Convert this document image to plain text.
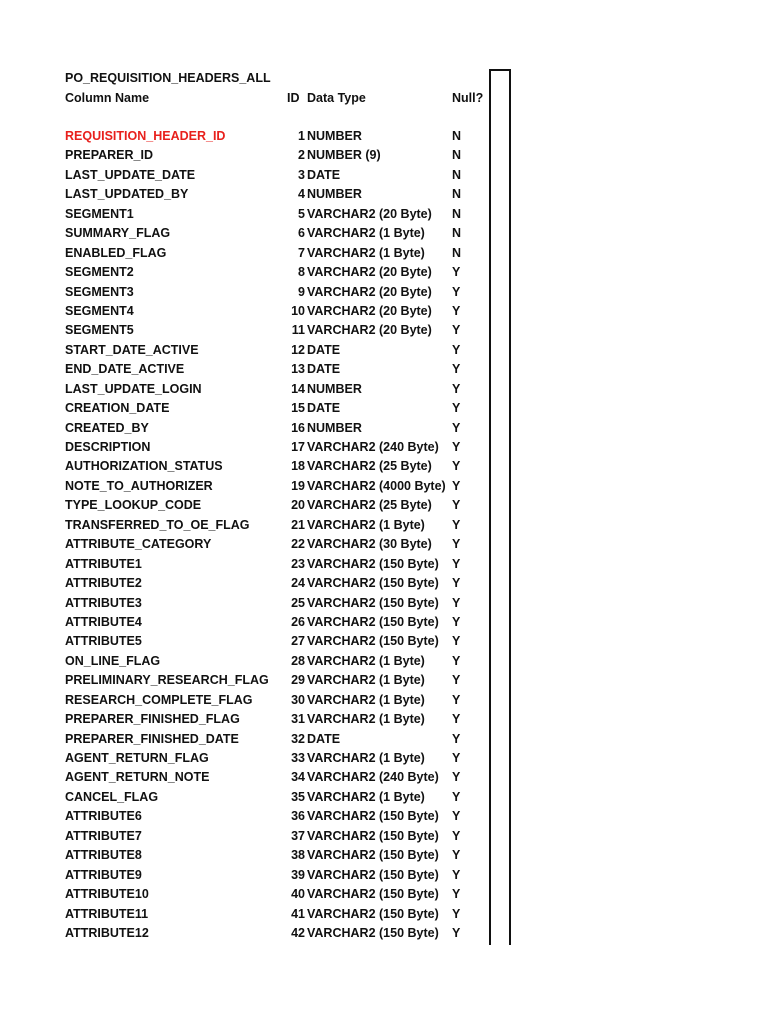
PO_REQUISITION_HEADERS_ALL
Column Name	ID Data Type	Null?
REQUISITION_HEADER_ID	1 NUMBER	N
PREPARER_ID	2 NUMBER (9)	N
LAST_UPDATE_DATE	3 DATE	N
LAST_UPDATED_BY	4 NUMBER	N
SEGMENT1	5 VARCHAR2 (20 Byte) N
SUMMARY_FLAG	6 VARCHAR2 (1 Byte) N
ENABLED_FLAG	7 VARCHAR2 (1 Byte) N
SEGMENT2	8 VARCHAR2 (20 Byte) Y
SEGMENT3	9 VARCHAR2 (20 Byte) Y
SEGMENT4	10 VARCHAR2 (20 Byte) Y
SEGMENT5	11 VARCHAR2 (20 Byte) Y
START_DATE_ACTIVE	12 DATE	Y
END_DATE_ACTIVE	13 DATE	Y
LAST_UPDATE_LOGIN	14 NUMBER	Y
CREATION_DATE	15 DATE	Y
CREATED_BY	16 NUMBER	Y
DESCRIPTION	17 VARCHAR2 (240 Byte) Y
AUTHORIZATION_STATUS	18 VARCHAR2 (25 Byte) Y
NOTE_TO_AUTHORIZER	19 VARCHAR2 (4000 Byte) Y
TYPE_LOOKUP_CODE	20 VARCHAR2 (25 Byte) Y
TRANSFERRED_TO_OE_FLAG	21 VARCHAR2 (1 Byte) Y
ATTRIBUTE_CATEGORY	22 VARCHAR2 (30 Byte) Y
ATTRIBUTE1	23 VARCHAR2 (150 Byte) Y
ATTRIBUTE2	24 VARCHAR2 (150 Byte) Y
ATTRIBUTE3	25 VARCHAR2 (150 Byte) Y
ATTRIBUTE4	26 VARCHAR2 (150 Byte) Y
ATTRIBUTE5	27 VARCHAR2 (150 Byte) Y
ON_LINE_FLAG	28 VARCHAR2 (1 Byte) Y
PRELIMINARY_RESEARCH_FLAG 29 VARCHAR2 (1 Byte) Y
RESEARCH_COMPLETE_FLAG	30 VARCHAR2 (1 Byte) Y
PREPARER_FINISHED_FLAG	31 VARCHAR2 (1 Byte) Y
PREPARER_FINISHED_DATE	32 DATE	Y
AGENT_RETURN_FLAG	33 VARCHAR2 (1 Byte) Y
AGENT_RETURN_NOTE	34 VARCHAR2 (240 Byte) Y
CANCEL_FLAG	35 VARCHAR2 (1 Byte) Y
ATTRIBUTE6	36 VARCHAR2 (150 Byte) Y
ATTRIBUTE7	37 VARCHAR2 (150 Byte) Y
ATTRIBUTE8	38 VARCHAR2 (150 Byte) Y
ATTRIBUTE9	39 VARCHAR2 (150 Byte) Y
ATTRIBUTE10	40 VARCHAR2 (150 Byte) Y
ATTRIBUTE11	41 VARCHAR2 (150 Byte) Y
ATTRIBUTE12	42 VARCHAR2 (150 Byte) Y
